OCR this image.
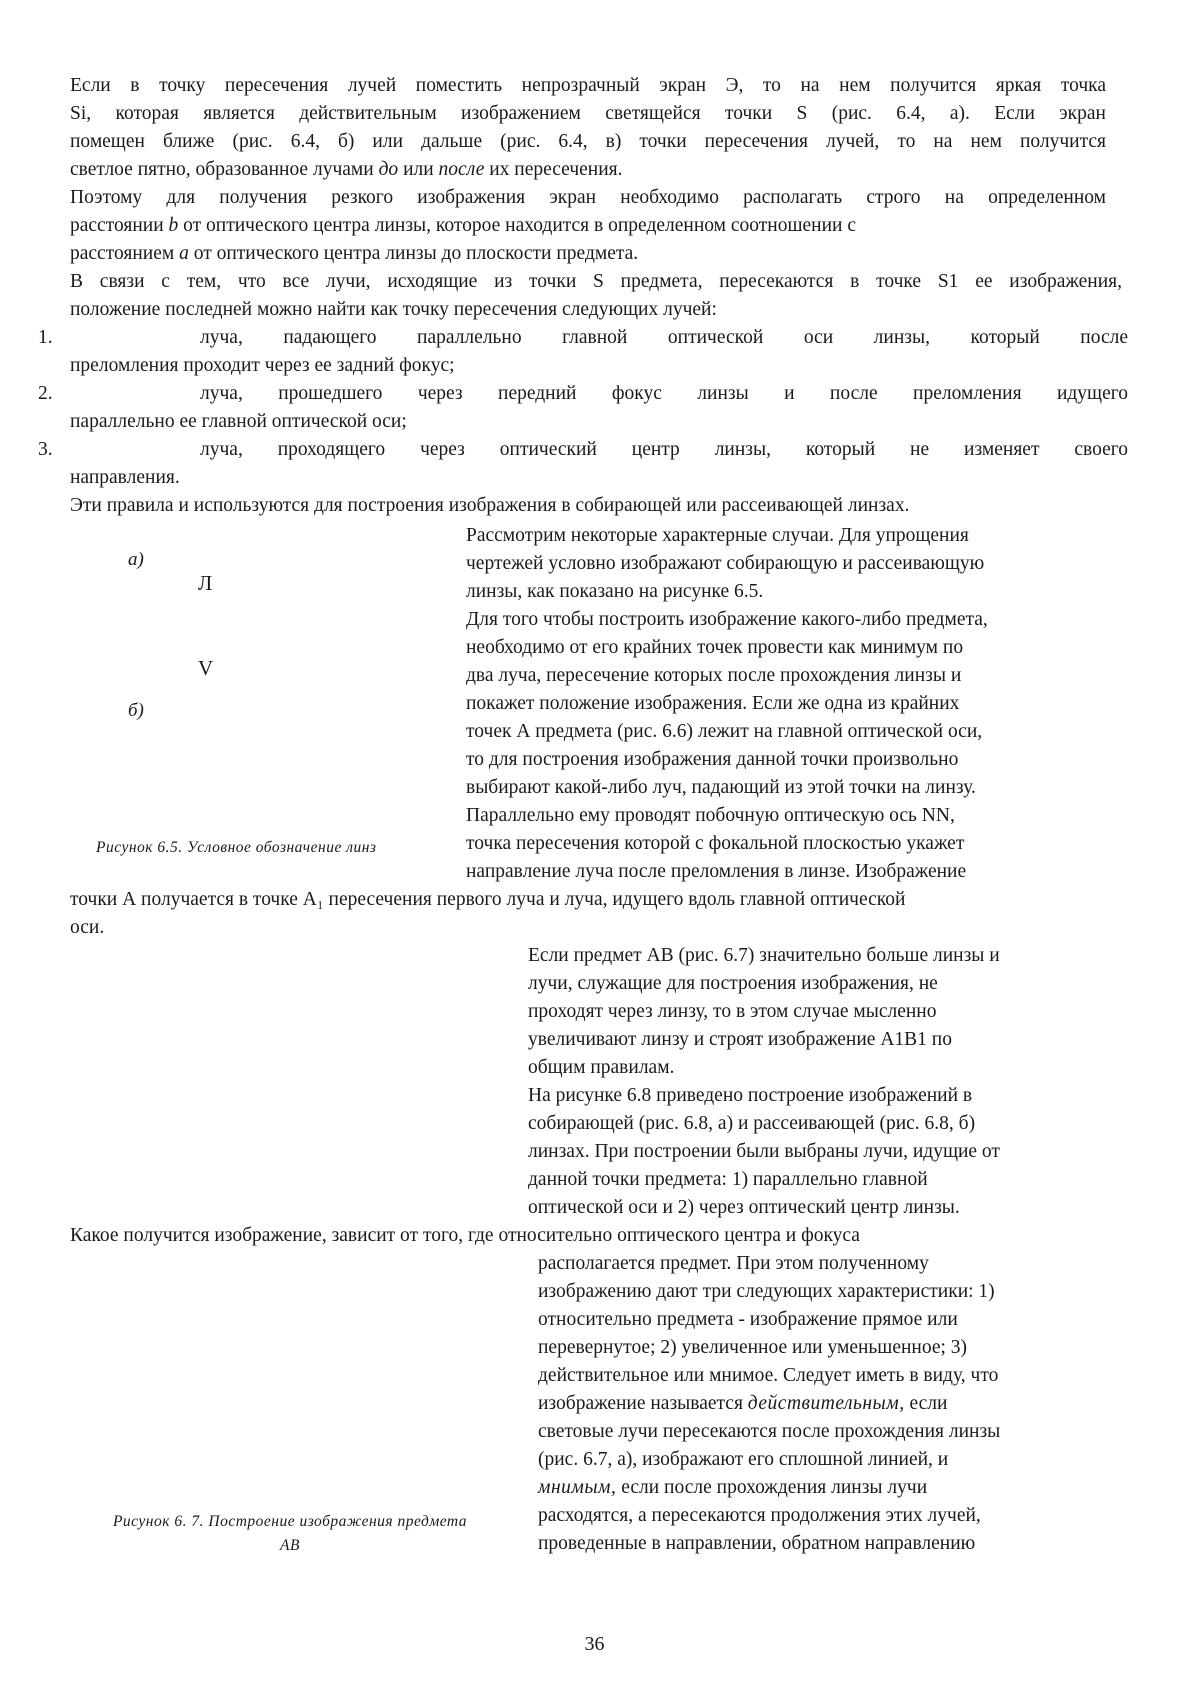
Если в точку пересечения лучей поместить непрозрачный экран Э, то на нем получится яркая точка
Si, которая является действительным изображением светящейся точки S (рис. 6.4, а). Если экран
помещен ближе (рис. 6.4, б) или дальше (рис. 6.4, в) точки пересечения лучей, то на нем получится
светлое пятно, образованное лучами до или после их пересечения.
Поэтому для получения резкого изображения экран необходимо располагать строго на определенном
расстоянии b от оптического центра линзы, которое находится в определенном соотношении с
расстоянием а от оптического центра линзы до плоскости предмета.
В связи с тем, что все лучи, исходящие из точки S предмета, пересекаются в точке S1 ее изображения,
положение последней можно найти как точку пересечения следующих лучей:
1.	луча, падающего параллельно главной оптической оси линзы, который после
преломления проходит через ее задний фокус;
2.	луча, прошедшего через передний фокус линзы и после преломления идущего
параллельно ее главной оптической оси;
3.	луча, проходящего через оптический центр линзы, который не изменяет своего
направления.
Эти правила и используются для построения изображения в собирающей или рассеивающей линзах.
а)
Л
V
б)
Рисунок 6.5. Условное обозначение линз
Рассмотрим некоторые характерные случаи. Для упрощения
чертежей условно изображают собирающую и рассеивающую
линзы, как показано на рисунке 6.5.
Для того чтобы построить изображение какого-либо предмета,
необходимо от его крайних точек провести как минимум по
два луча, пересечение которых после прохождения линзы и
покажет положение изображения. Если же одна из крайних
точек А предмета (рис. 6.6) лежит на главной оптической оси,
то для построения изображения данной точки произвольно
выбирают какой-либо луч, падающий из этой точки на линзу.
Параллельно ему проводят побочную оптическую ось NN,
точка пересечения которой с фокальной плоскостью укажет
направление луча после преломления в линзе. Изображение
точки А получается в точке А₁ пересечения первого луча и луча, идущего вдоль главной оптической
оси.
Если предмет АВ (рис. 6.7) значительно больше линзы и
лучи, служащие для построения изображения, не
проходят через линзу, то в этом случае мысленно
увеличивают линзу и строят изображение А1В1 по
общим правилам.
На рисунке 6.8 приведено построение изображений в
собирающей (рис. 6.8, а) и рассеивающей (рис. 6.8, б)
линзах. При построении были выбраны лучи, идущие от
данной точки предмета: 1) параллельно главной
оптической оси и 2) через оптический центр линзы.
Какое получится изображение, зависит от того, где относительно оптического центра и фокуса
располагается предмет. При этом полученному
изображению дают три следующих характеристики: 1)
относительно предмета - изображение прямое или
перевернутое; 2) увеличенное или уменьшенное; 3)
действительное или мнимое. Следует иметь в виду, что
изображение называется действительным, если
световые лучи пересекаются после прохождения линзы
(рис. 6.7, а), изображают его сплошной линией, и
мнимым, если после прохождения линзы лучи
расходятся, а пересекаются продолжения этих лучей,
проведенные в направлении, обратном направлению
Рисунок 6. 7. Построение изображения предмета
АВ
36
